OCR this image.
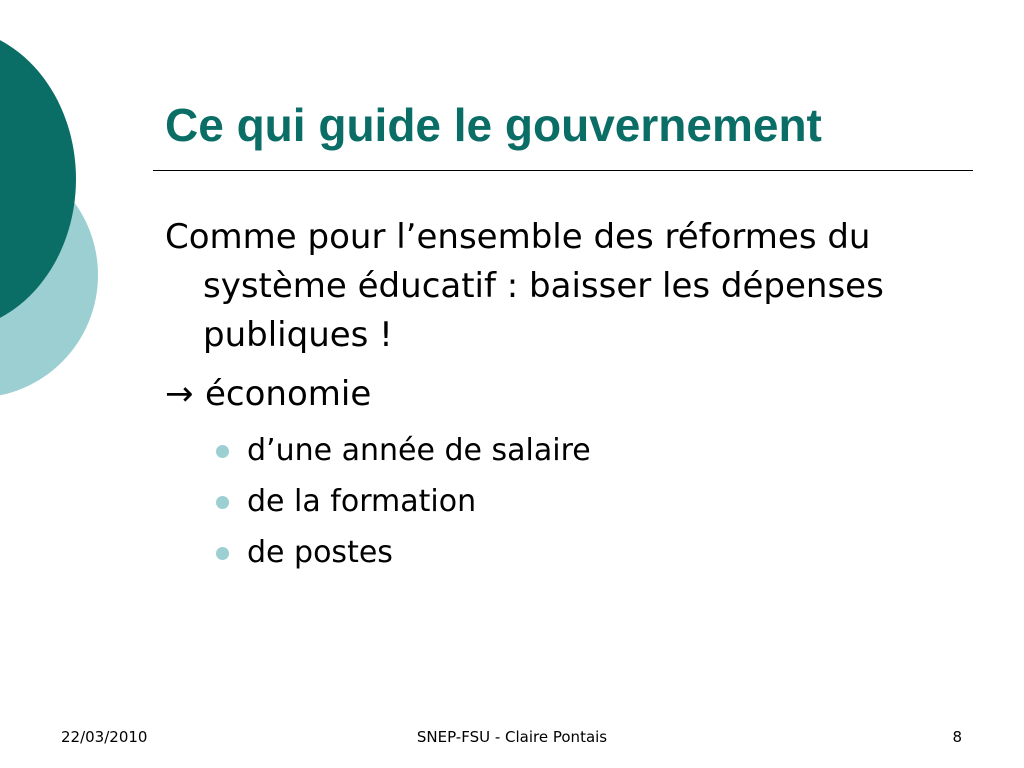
Ce qui guide le gouvernement
Comme pour l’ensemble des réformes du système éducatif : baisser les dépenses publiques !
→ économie
d’une année de salaire
de la formation
de postes
22/03/2010	SNEP-FSU - Claire Pontais	8
